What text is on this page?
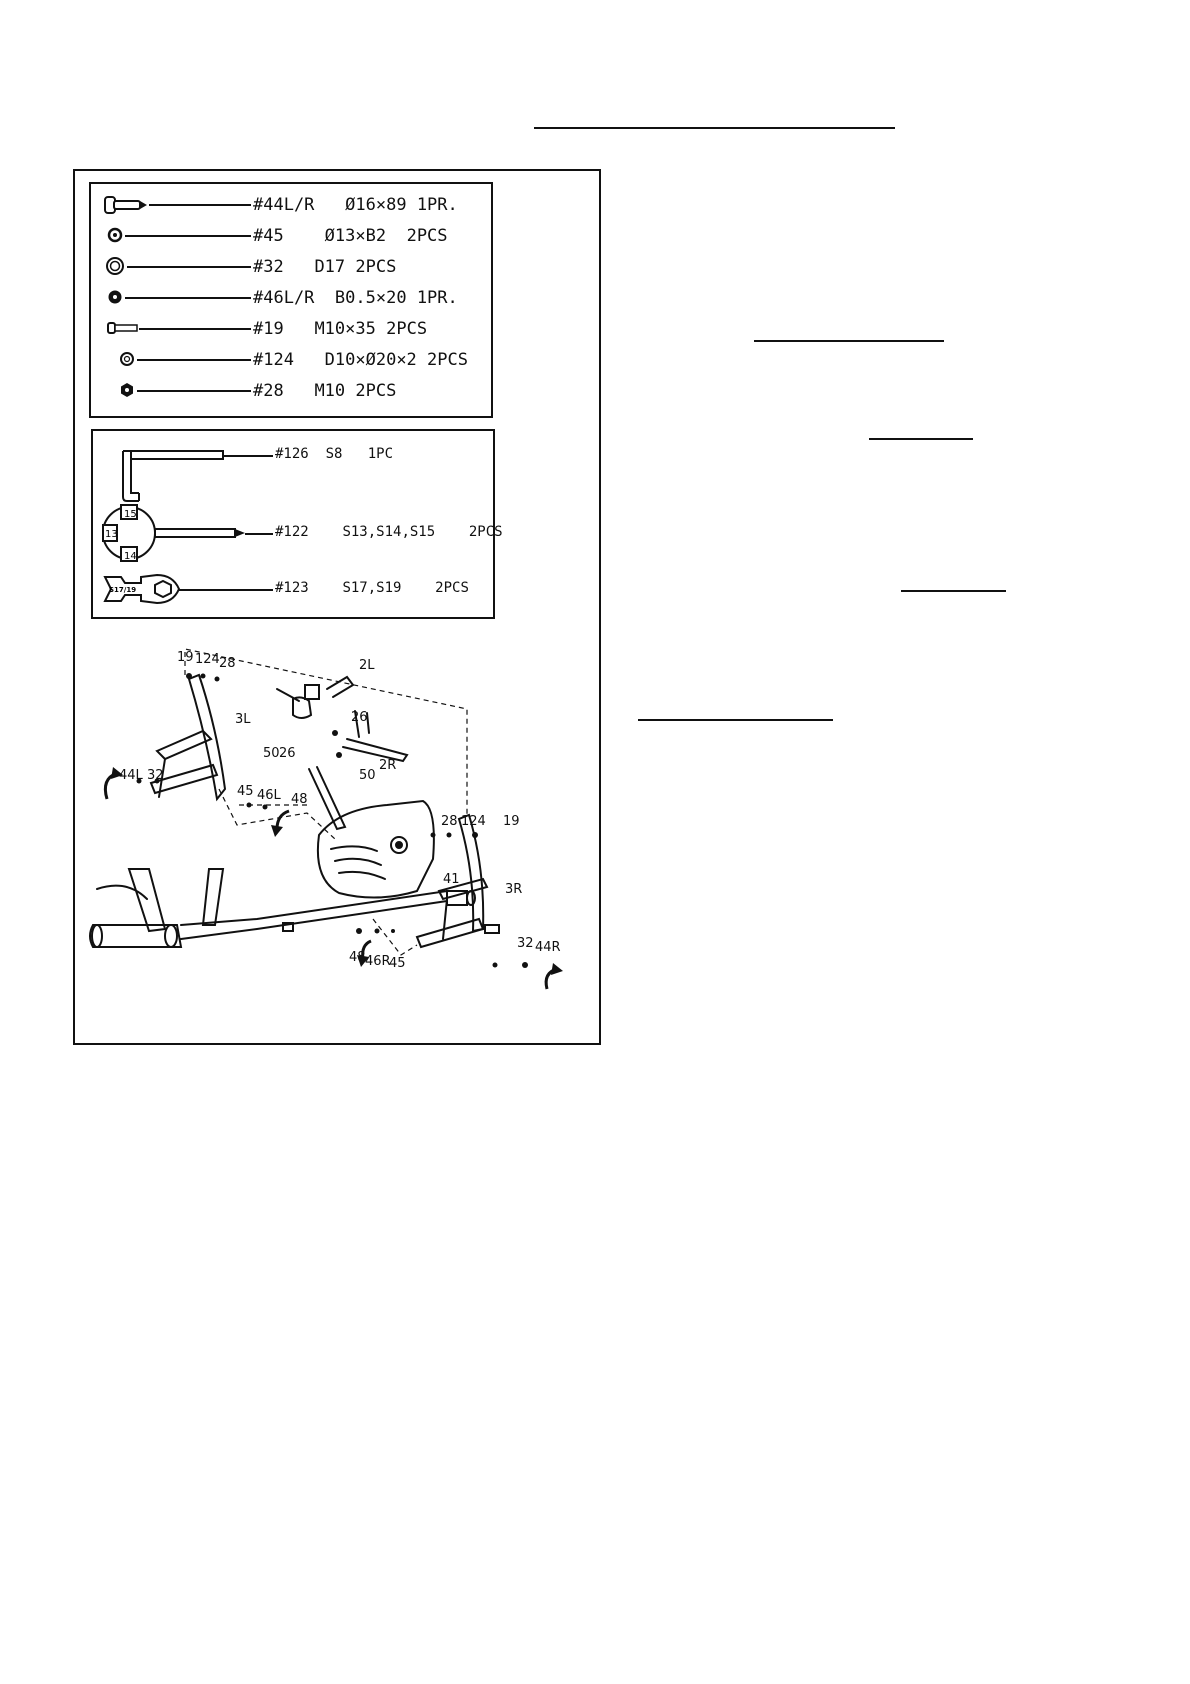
#44L/R Ø16×89 1PR.
#45 Ø13×B2 2PCS
#32 D17 2PCS
#46L/R B0.5×20 1PR.
#19 M10×35 2PCS
#124 D10×Ø20×2 2PCS
#28 M10 2PCS
#126 S8 1PC
15
13
14
#122 S13,S14,S15 2PCS
S17/19	#123 S17,S19 2PCS
19 124 28	2L
3L
50 26
26
50
2R
44L 32
45 46L 48
28 124 19
41
3R
48 46R
45
32 44R
